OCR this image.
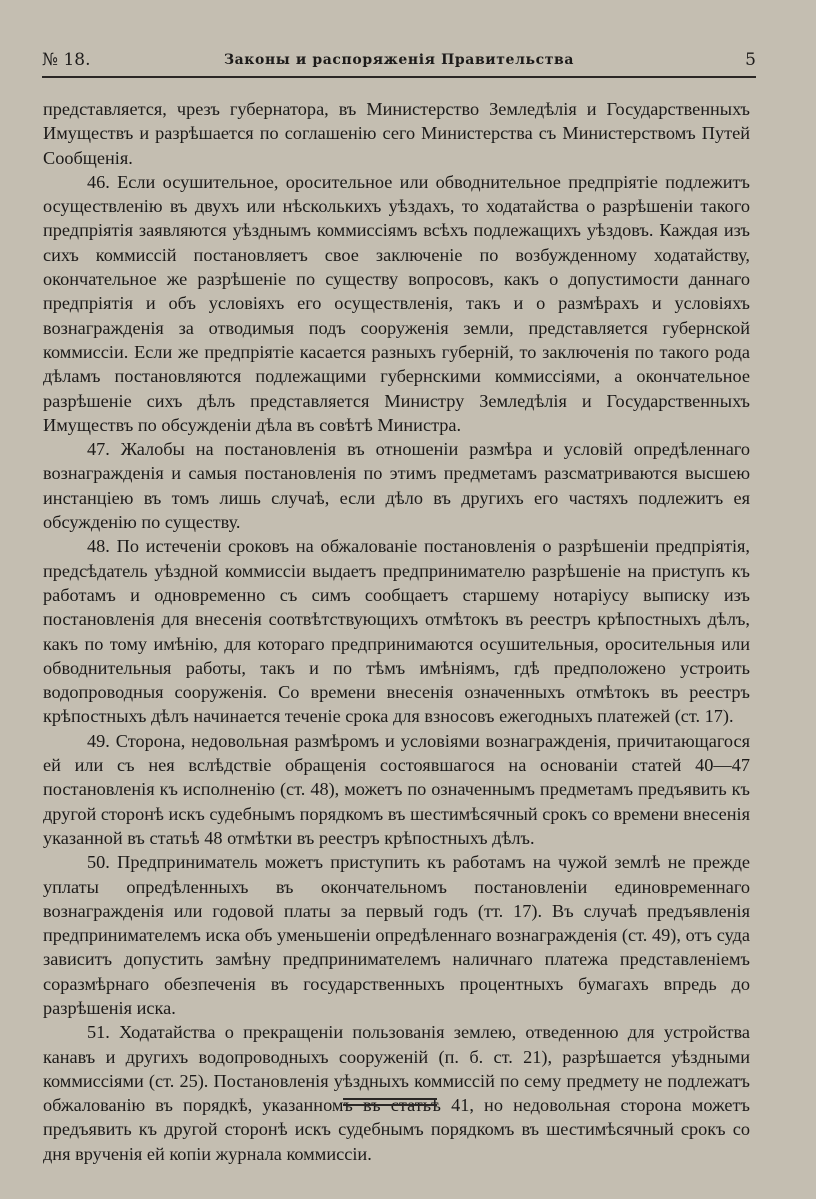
№ 18.	Законы и распоряженія Правительства	5

представляется, чрезъ губернатора, въ Министерство Земледѣлія и Государственныхъ Имуществъ и разрѣшается по соглашенію сего Министерства съ Министерствомъ Путей Сообщенія.

46. Если осушительное, оросительное или обводнительное предпріятіе подлежитъ осуществленію въ двухъ или нѣсколькихъ уѣздахъ, то ходатайства о разрѣшеніи такого предпріятія заявляются уѣзднымъ коммиссіямъ всѣхъ подлежащихъ уѣздовъ. Каждая изъ сихъ коммиссій постановляетъ свое заключеніе по возбужденному ходатайству, окончательное же разрѣшеніе по существу вопросовъ, какъ о допустимости даннаго предпріятія и объ условіяхъ его осуществленія, такъ и о размѣрахъ и условіяхъ вознагражденія за отводимыя подъ сооруженія земли, представляется губернской коммиссіи. Если же предпріятіе касается разныхъ губерній, то заключенія по такого рода дѣламъ постановляются подлежащими губернскими коммиссіями, а окончательное разрѣшеніе сихъ дѣлъ представляется Министру Земледѣлія и Государственныхъ Имуществъ по обсужденіи дѣла въ совѣтѣ Министра.

47. Жалобы на постановленія въ отношеніи размѣра и условій опредѣленнаго вознагражденія и самыя постановленія по этимъ предметамъ разсматриваются высшею инстанціею въ томъ лишь случаѣ, если дѣло въ другихъ его частяхъ подлежитъ ея обсужденію по существу.

48. По истеченіи сроковъ на обжалованіе постановленія о разрѣшеніи предпріятія, предсѣдатель уѣздной коммиссіи выдаетъ предпринимателю разрѣшеніе на приступъ къ работамъ и одновременно съ симъ сообщаетъ старшему нотаріусу выписку изъ постановленія для внесенія соотвѣтствующихъ отмѣтокъ въ реестръ крѣпостныхъ дѣлъ, какъ по тому имѣнію, для котораго предпринимаются осушительныя, оросительныя или обводнительныя работы, такъ и по тѣмъ имѣніямъ, гдѣ предположено устроить водопроводныя сооруженія. Со времени внесенія означенныхъ отмѣтокъ въ реестръ крѣпостныхъ дѣлъ начинается теченіе срока для взносовъ ежегодныхъ платежей (ст. 17).

49. Сторона, недовольная размѣромъ и условіями вознагражденія, причитающагося ей или съ нея вслѣдствіе обращенія состоявшагося на основаніи статей 40—47 постановленія къ исполненію (ст. 48), можетъ по означеннымъ предметамъ предъявить къ другой сторонѣ искъ судебнымъ порядкомъ въ шестимѣсячный срокъ со времени внесенія указанной въ статьѣ 48 отмѣтки въ реестръ крѣпостныхъ дѣлъ.

50. Предприниматель можетъ приступить къ работамъ на чужой землѣ не прежде уплаты опредѣленныхъ въ окончательномъ постановленіи единовременнаго вознагражденія или годовой платы за первый годъ (тт. 17). Въ случаѣ предъявленія предпринимателемъ иска объ уменьшеніи опредѣленнаго вознагражденія (ст. 49), отъ суда зависитъ допустить замѣну предпринимателемъ наличнаго платежа представленіемъ соразмѣрнаго обезпеченія въ государственныхъ процентныхъ бумагахъ впредь до разрѣшенія иска.

51. Ходатайства о прекращеніи пользованія землею, отведенною для устройства канавъ и другихъ водопроводныхъ сооруженій (п. б. ст. 21), разрѣшается уѣздными коммиссіями (ст. 25). Постановленія уѣздныхъ коммиссій по сему предмету не подлежатъ обжалованію въ порядкѣ, указанномъ въ статьѣ 41, но недовольная сторона можетъ предъявить къ другой сторонѣ искъ судебнымъ порядкомъ въ шестимѣсячный срокъ со дня врученія ей копіи журнала коммиссіи.
